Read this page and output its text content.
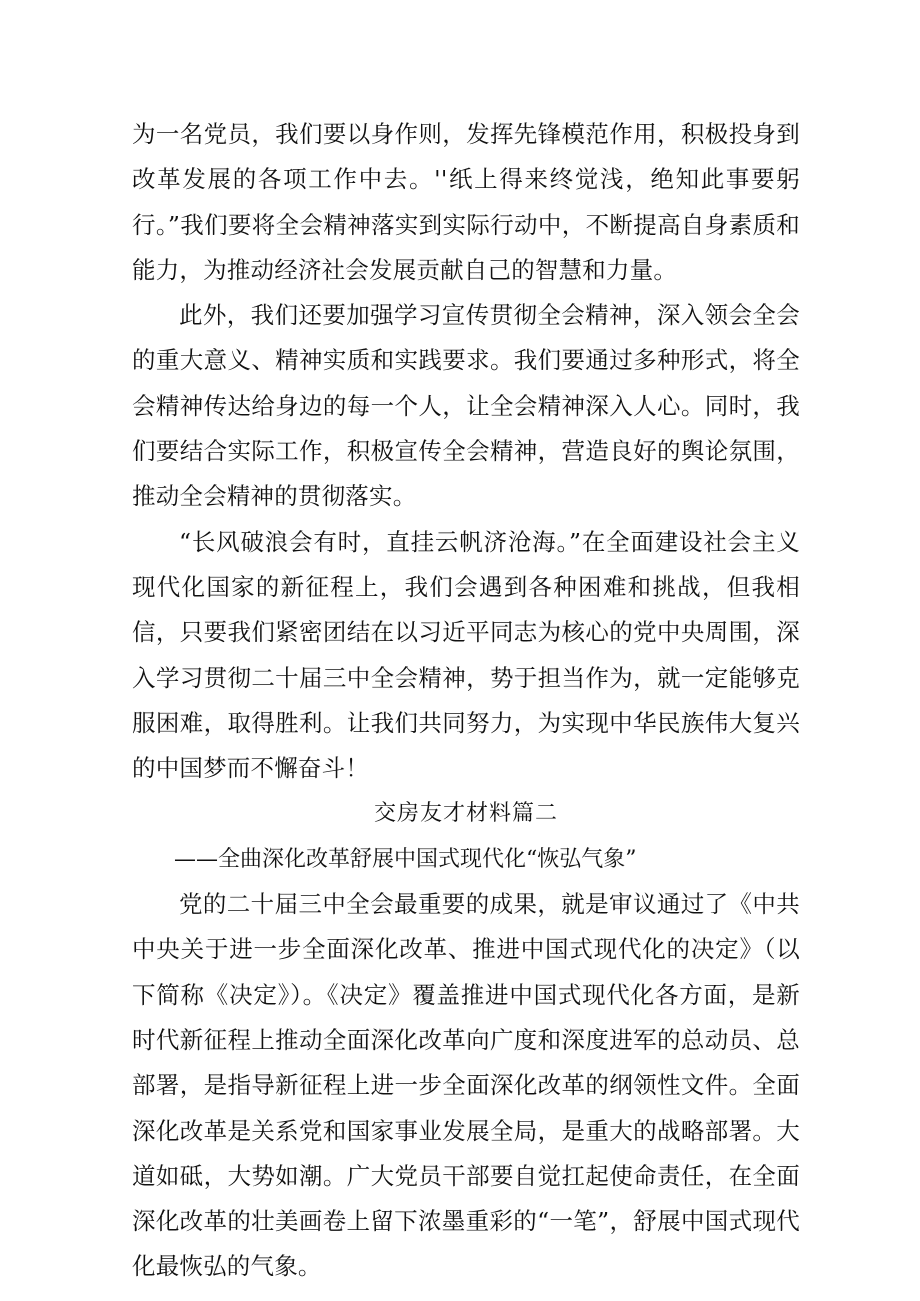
为一名党员，我们要以身作则，发挥先锋模范作用，积极投身到改革发展的各项工作中去。''纸上得来终觉浅，绝知此事要躬行。”我们要将全会精神落实到实际行动中，不断提高自身素质和能力，为推动经济社会发展贡献自己的智慧和力量。

此外，我们还要加强学习宣传贯彻全会精神，深入领会全会的重大意义、精神实质和实践要求。我们要通过多种形式，将全会精神传达给身边的每一个人，让全会精神深入人心。同时，我们要结合实际工作，积极宣传全会精神，营造良好的舆论氛围，推动全会精神的贯彻落实。

“长风破浪会有时，直挂云帆济沧海。”在全面建设社会主义现代化国家的新征程上，我们会遇到各种困难和挑战，但我相信，只要我们紧密团结在以习近平同志为核心的党中央周围，深入学习贯彻二十届三中全会精神，势于担当作为，就一定能够克服困难，取得胜利。让我们共同努力，为实现中华民族伟大复兴的中国梦而不懈奋斗！

交房友才材料篇二

——全曲深化改革舒展中国式现代化“恢弘气象”

党的二十届三中全会最重要的成果，就是审议通过了《中共中央关于进一步全面深化改革、推进中国式现代化的决定》（以下简称《决定》）。《决定》覆盖推进中国式现代化各方面，是新时代新征程上推动全面深化改革向广度和深度进军的总动员、总部署，是指导新征程上进一步全面深化改革的纲领性文件。全面深化改革是关系党和国家事业发展全局，是重大的战略部署。大道如砥，大势如潮。广大党员干部要自觉扛起使命责任，在全面深化改革的壮美画卷上留下浓墨重彩的“一笔”，舒展中国式现代化最恢弘的气象。
